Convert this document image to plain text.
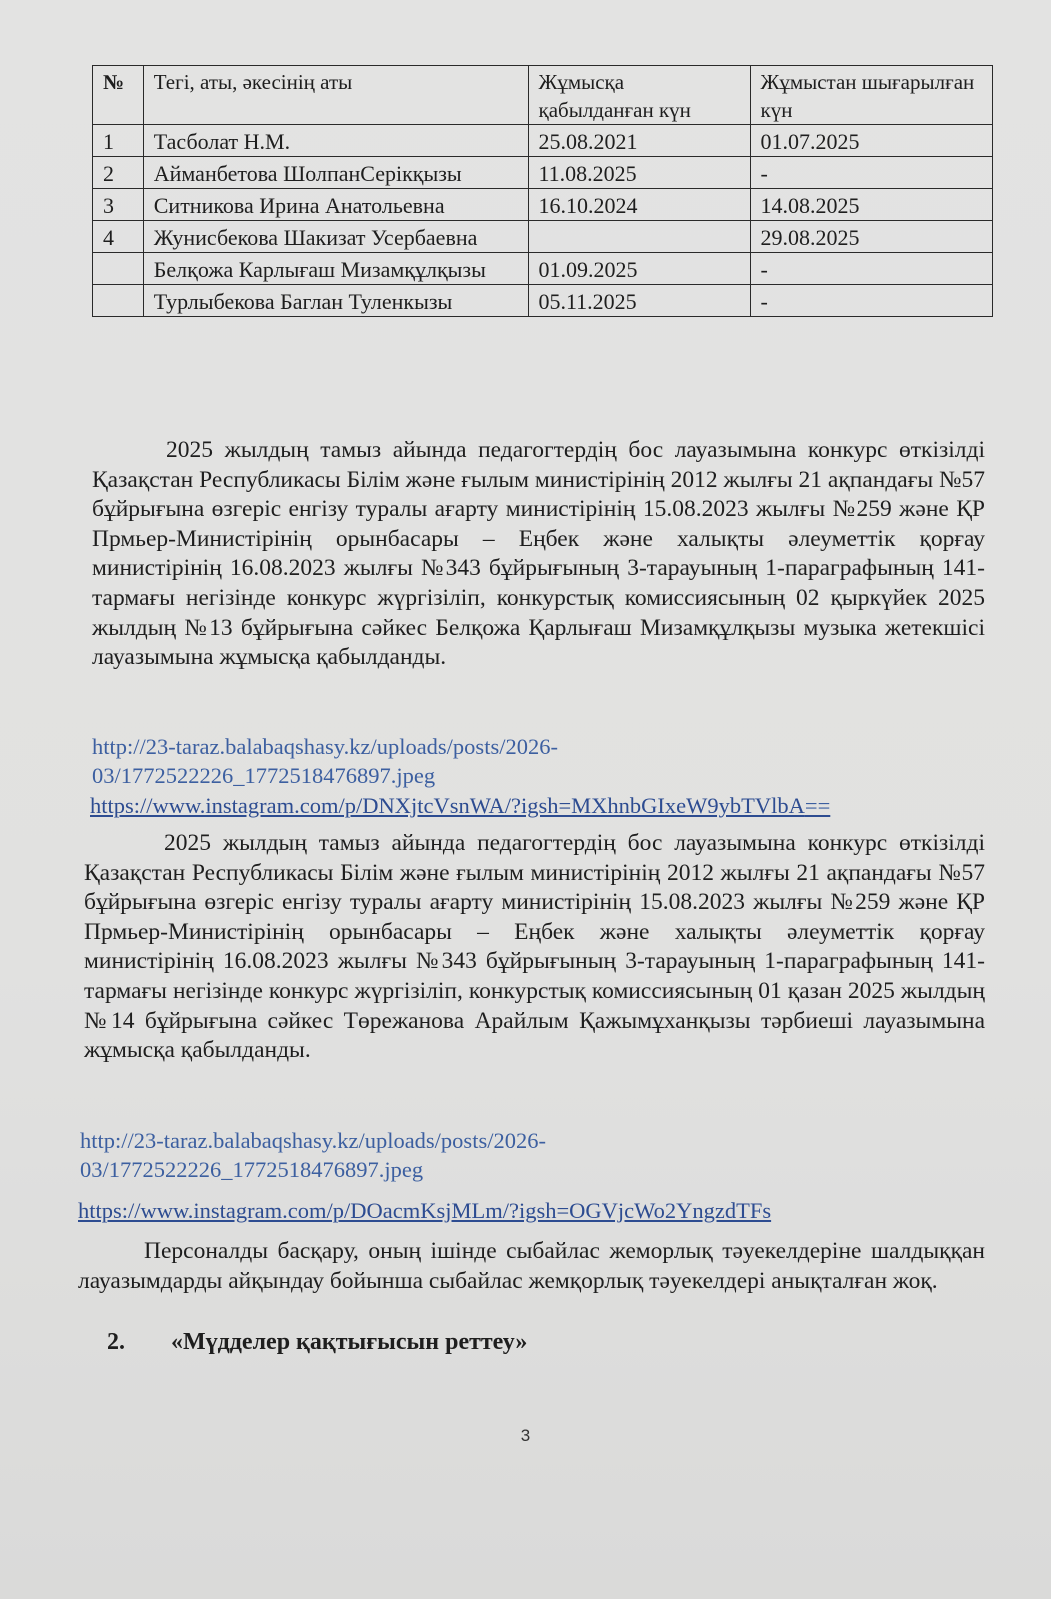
№	Тегі, аты, әкесінің аты	Жұмысқа қабылданған күн	Жұмыстан шығарылған күн
1	Тасболат Н.М.	25.08.2021	01.07.2025
2	Айманбетова ШолпанСерікқызы	11.08.2025	-
3	Ситникова Ирина Анатольевна	16.10.2024	14.08.2025
4	Жунисбекова Шакизат Усербаевна		29.08.2025
	Белқожа Карлығаш Мизамқұлқызы	01.09.2025	-
	Турлыбекова Баглан Туленкызы	05.11.2025	-
2025 жылдың тамыз айында педагогтердің бос лауазымына конкурс өткізілді Қазақстан Республикасы Білім және ғылым министірінің 2012 жылғы 21 ақпандағы №57 бұйрығына өзгеріс енгізу туралы ағарту министірінің 15.08.2023 жылғы №259 және ҚР Прмьер-Министірінің орынбасары – Еңбек және халықты әлеуметтік қорғау министірінің 16.08.2023 жылғы №343 бұйрығының 3-тарауының 1-параграфының 141-тармағы негізінде конкурс жүргізіліп, конкурстық комиссиясының 02 қыркүйек 2025 жылдың №13 бұйрығына сәйкес Белқожа Қарлығаш Мизамқұлқызы музыка жетекшісі лауазымына жұмысқа қабылданды.
http://23-taraz.balabaqshasy.kz/uploads/posts/2026-
03/1772522226_1772518476897.jpeg
https://www.instagram.com/p/DNXjtcVsnWA/?igsh=MXhnbGIxeW9ybTVlbA==
2025 жылдың тамыз айында педагогтердің бос лауазымына конкурс өткізілді Қазақстан Республикасы Білім және ғылым министірінің 2012 жылғы 21 ақпандағы №57 бұйрығына өзгеріс енгізу туралы ағарту министірінің 15.08.2023 жылғы №259 және ҚР Прмьер-Министірінің орынбасары – Еңбек және халықты әлеуметтік қорғау министірінің 16.08.2023 жылғы №343 бұйрығының 3-тарауының 1-параграфының 141-тармағы негізінде конкурс жүргізіліп, конкурстық комиссиясының 01 қазан 2025 жылдың №14 бұйрығына сәйкес Төрежанова Арайлым Қажымұханқызы тәрбиеші лауазымына жұмысқа қабылданды.
http://23-taraz.balabaqshasy.kz/uploads/posts/2026-
03/1772522226_1772518476897.jpeg
https://www.instagram.com/p/DOacmKsjMLm/?igsh=OGVjcWo2YngzdTFs
Персоналды басқару, оның ішінде сыбайлас жеморлық тәуекелдеріне шалдыққан лауазымдарды айқындау бойынша сыбайлас жемқорлық тәуекелдері анықталған жоқ.
2. «Мүдделер қақтығысын реттеу»
3
